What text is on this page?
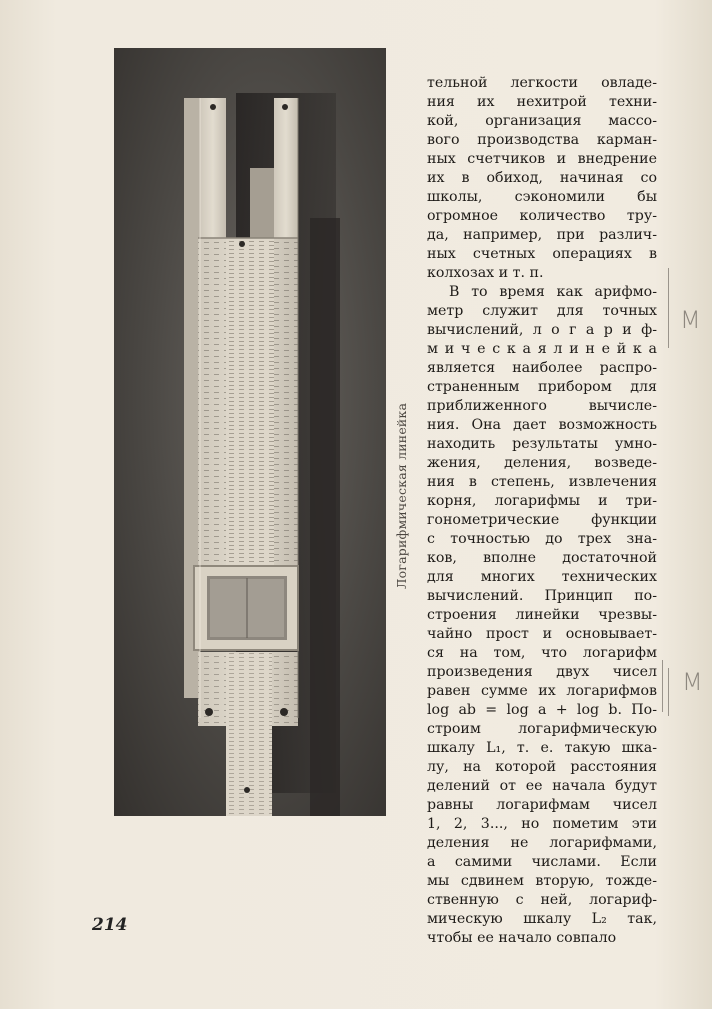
Логарифмическая линейка

тельной легкости овладе-

ния их нехитрой техни-

кой, организация массо-

вого производства карман-

ных счетчиков и внедрение

их в обиход, начиная со

школы, сэкономили бы

огромное количество тру-

да, например, при различ-

ных счетных операциях в

колхозах и т. п.

В то время как арифмо-

метр служит для точных

вычислений, л о г а р и ф-

м и ч е с к а я л и н е й к а

является наиболее распро-

страненным прибором для

приближенного вычисле-

ния. Она дает возможность

находить результаты умно-

жения, деления, возведе-

ния в степень, извлечения

корня, логарифмы и три-

гонометрические функции

с точностью до трех зна-

ков, вполне достаточной

для многих технических

вычислений. Принцип по-

строения линейки чрезвы-

чайно прост и основывает-

ся на том, что логарифм

произведения двух чисел

равен сумме их логарифмов

log ab = log a + log b. По-

строим логарифмическую

шкалу L₁, т. е. такую шка-

лу, на которой расстояния

делений от ее начала будут

равны логарифмам чисел

1, 2, 3..., но пометим эти

деления не логарифмами,

а самими числами. Если

мы сдвинем вторую, тожде-

ственную с ней, логариф-

мическую шкалу L₂ так,

чтобы ее начало совпало

214
M
M
